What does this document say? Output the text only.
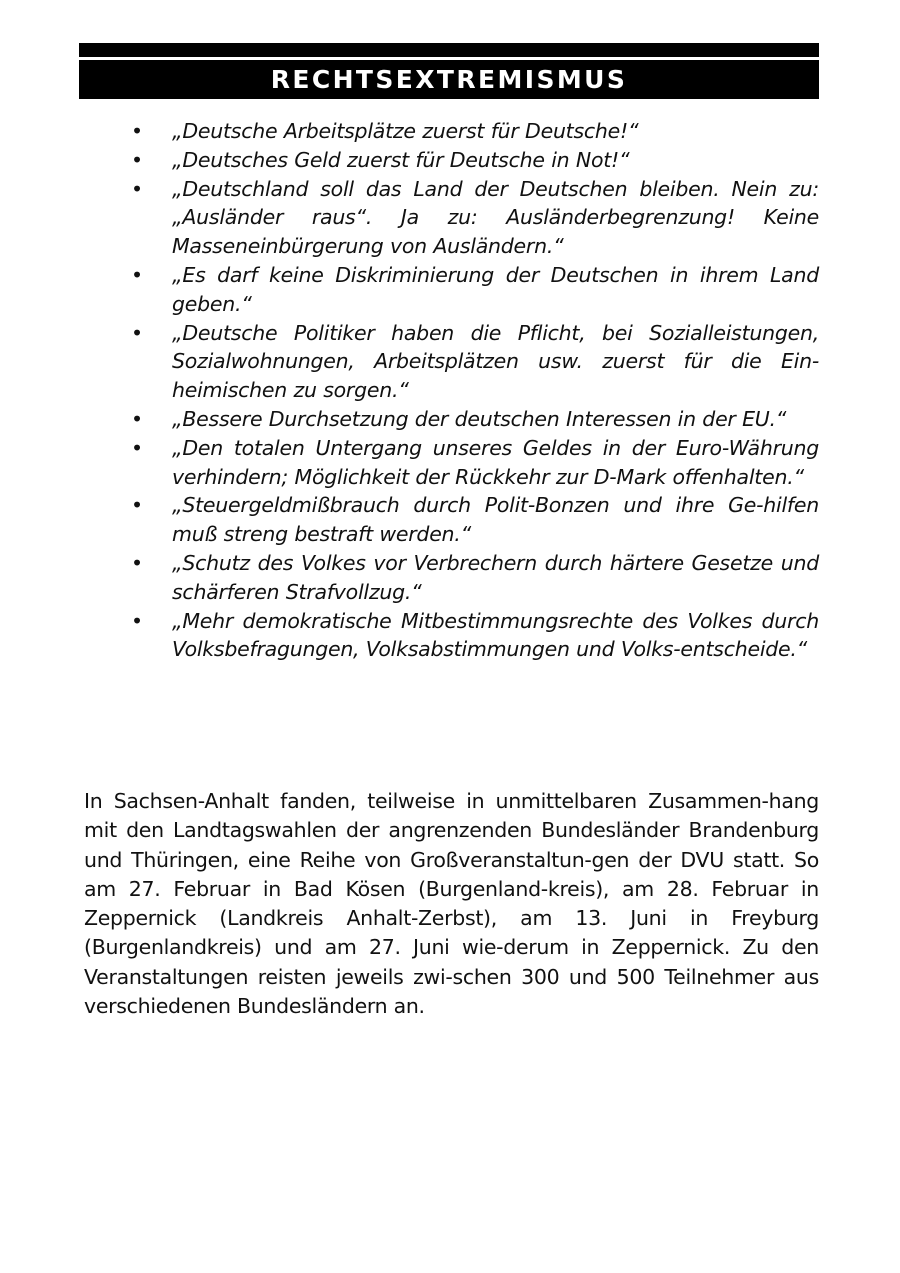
RECHTSEXTREMISMUS
• „Deutsche Arbeitsplätze zuerst für Deutsche!“
• „Deutsches Geld zuerst für Deutsche in Not!“
• „Deutschland soll das Land der Deutschen bleiben. Nein zu: „Ausländer raus“. Ja zu: Ausländerbegrenzung! Keine Masseneinbürgerung von Ausländern.“
• „Es darf keine Diskriminierung der Deutschen in ihrem Land geben.“
• „Deutsche Politiker haben die Pflicht, bei Sozialleistungen, Sozialwohnungen, Arbeitsplätzen usw. zuerst für die Ein-heimischen zu sorgen.“
• „Bessere Durchsetzung der deutschen Interessen in der EU.“
• „Den totalen Untergang unseres Geldes in der Euro-Währung verhindern; Möglichkeit der Rückkehr zur D-Mark offenhalten.“
• „Steuergeldmißbrauch durch Polit-Bonzen und ihre Ge-hilfen muß streng bestraft werden.“
• „Schutz des Volkes vor Verbrechern durch härtere Gesetze und schärferen Strafvollzug.“
• „Mehr demokratische Mitbestimmungsrechte des Volkes durch Volksbefragungen, Volksabstimmungen und Volks-entscheide.“

In Sachsen-Anhalt fanden, teilweise in unmittelbaren Zusammen-hang mit den Landtagswahlen der angrenzenden Bundesländer Brandenburg und Thüringen, eine Reihe von Großveranstaltun-gen der DVU statt. So am 27. Februar in Bad Kösen (Burgenland-kreis), am 28. Februar in Zeppernick (Landkreis Anhalt-Zerbst), am 13. Juni in Freyburg (Burgenlandkreis) und am 27. Juni wie-derum in Zeppernick. Zu den Veranstaltungen reisten jeweils zwi-schen 300 und 500 Teilnehmer aus verschiedenen Bundesländern an.
